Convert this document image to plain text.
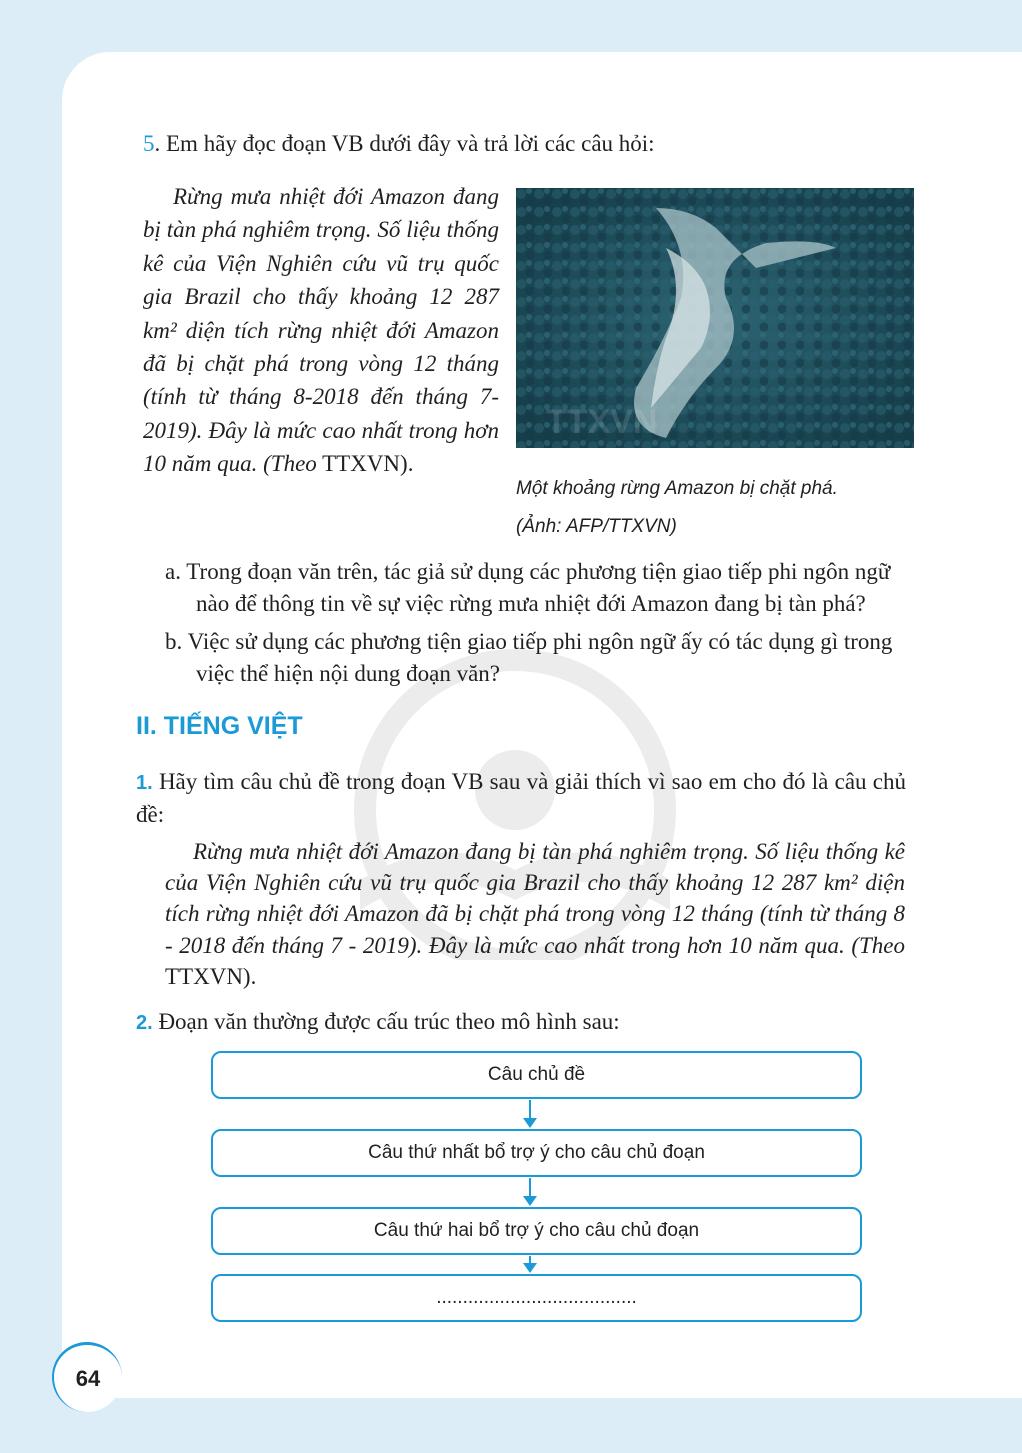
5. Em hãy đọc đoạn VB dưới đây và trả lời các câu hỏi:

Rừng mưa nhiệt đới Amazon đang bị tàn phá nghiêm trọng. Số liệu thống kê của Viện Nghiên cứu vũ trụ quốc gia Brazil cho thấy khoảng 12 287 km² diện tích rừng nhiệt đới Amazon đã bị chặt phá trong vòng 12 tháng (tính từ tháng 8-2018 đến tháng 7-2019). Đây là mức cao nhất trong hơn 10 năm qua. (Theo TTXVN).
TTXVN
Một khoảng rừng Amazon bị chặt phá.
(Ảnh: AFP/TTXVN)
a. Trong đoạn văn trên, tác giả sử dụng các phương tiện giao tiếp phi ngôn ngữ nào để thông tin về sự việc rừng mưa nhiệt đới Amazon đang bị tàn phá?
b. Việc sử dụng các phương tiện giao tiếp phi ngôn ngữ ấy có tác dụng gì trong việc thể hiện nội dung đoạn văn?
II. TIẾNG VIỆT
1. Hãy tìm câu chủ đề trong đoạn VB sau và giải thích vì sao em cho đó là câu chủ đề:
Rừng mưa nhiệt đới Amazon đang bị tàn phá nghiêm trọng. Số liệu thống kê của Viện Nghiên cứu vũ trụ quốc gia Brazil cho thấy khoảng 12 287 km² diện tích rừng nhiệt đới Amazon đã bị chặt phá trong vòng 12 tháng (tính từ tháng 8 - 2018 đến tháng 7 - 2019). Đây là mức cao nhất trong hơn 10 năm qua. (Theo TTXVN).
2. Đoạn văn thường được cấu trúc theo mô hình sau:
Câu chủ đề
Câu thứ nhất bổ trợ ý cho câu chủ đoạn
Câu thứ hai bổ trợ ý cho câu chủ đoạn
......................................
64
